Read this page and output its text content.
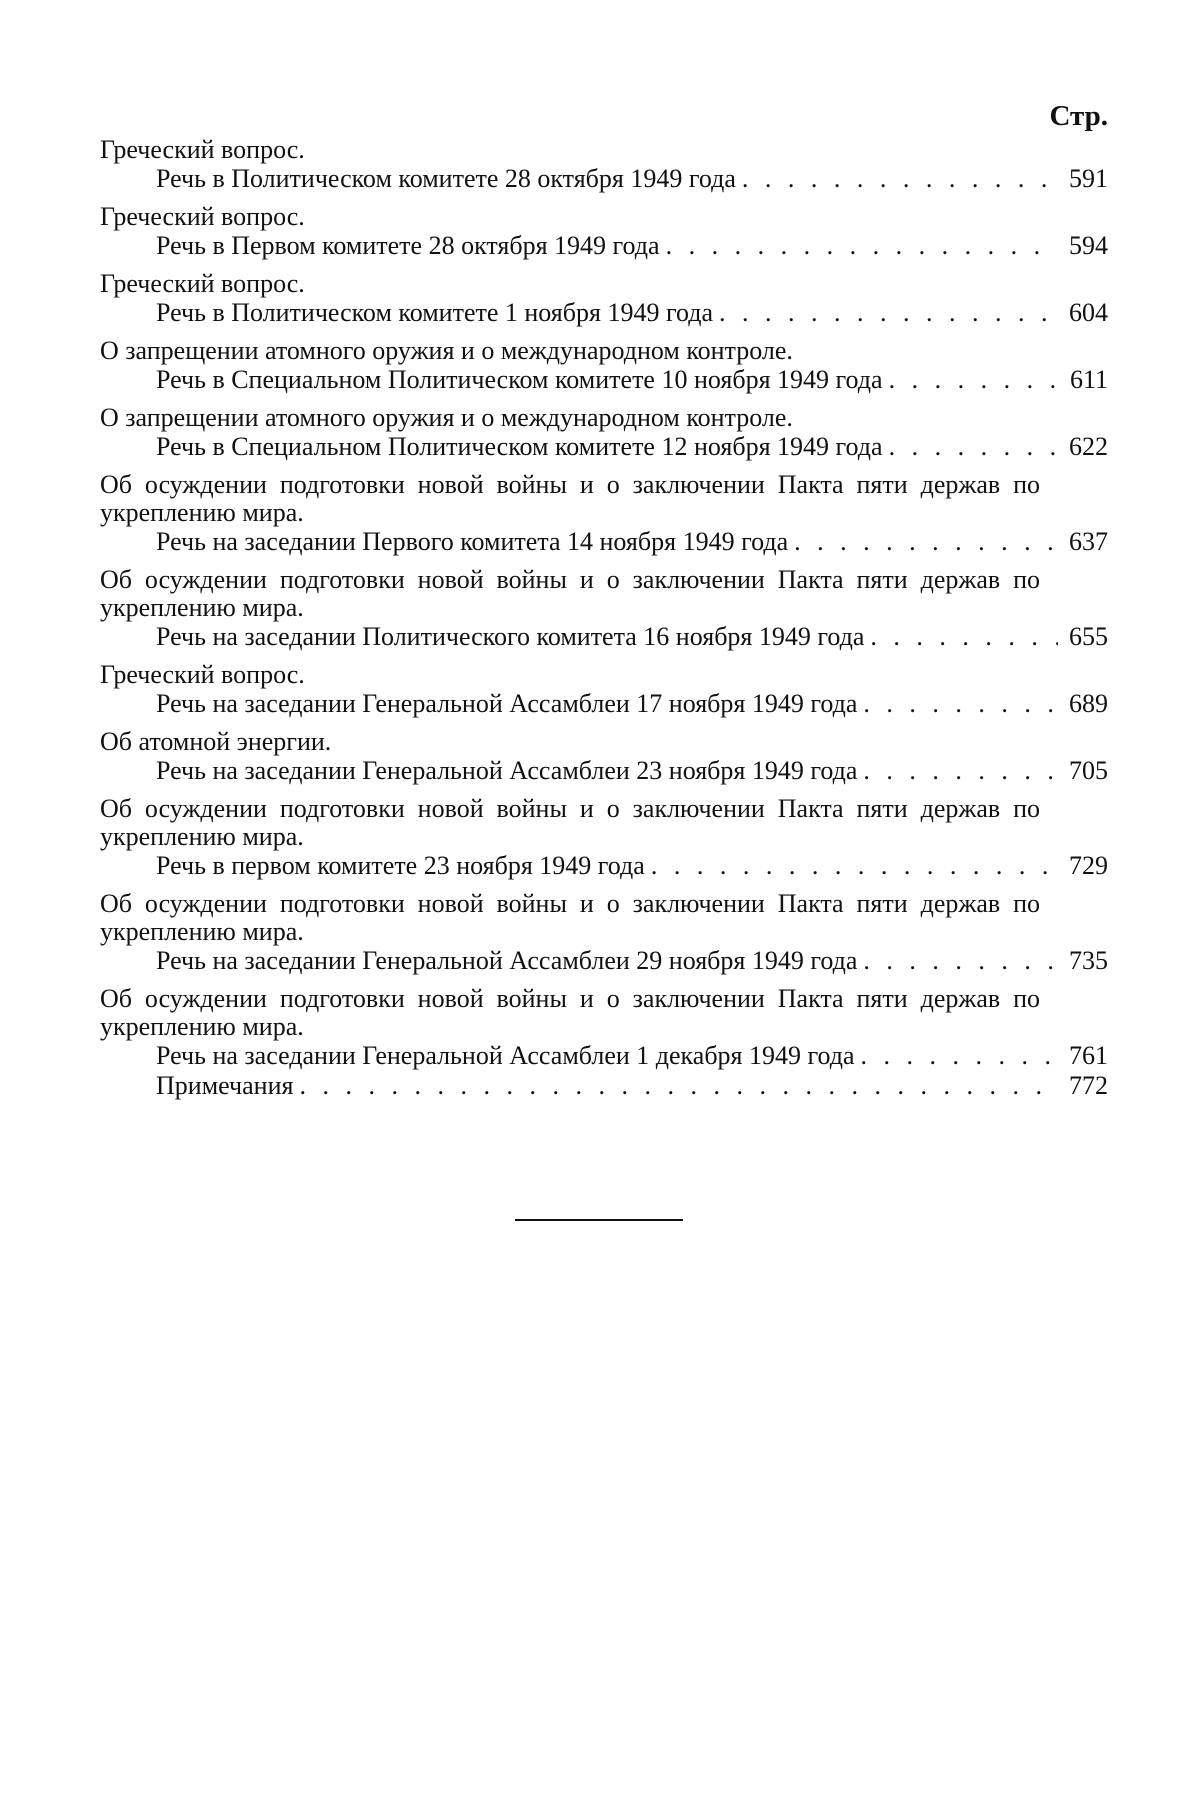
Стр.
Греческий вопрос.
Речь в Политическом комитете 28 октября 1949 года . . .	591
Греческий вопрос.
Речь в Первом комитете 28 октября 1949 года . . .	594
Греческий вопрос.
Речь в Политическом комитете 1 ноября 1949 года . . .	604
О запрещении атомного оружия и о международном контроле.
Речь в Специальном Политическом комитете 10 ноября 1949 года . . .	611
О запрещении атомного оружия и о международном контроле.
Речь в Специальном Политическом комитете 12 ноября 1949 года . . .	622
Об осуждении подготовки новой войны и о заключении Пакта пяти держав по укреплению мира.
Речь на заседании Первого комитета 14 ноября 1949 года . . .	637
Об осуждении подготовки новой войны и о заключении Пакта пяти держав по укреплению мира.
Речь на заседании Политического комитета 16 ноября 1949 года . . .	655
Греческий вопрос.
Речь на заседании Генеральной Ассамблеи 17 ноября 1949 года . . .	689
Об атомной энергии.
Речь на заседании Генеральной Ассамблеи 23 ноября 1949 года . . .	705
Об осуждении подготовки новой войны и о заключении Пакта пяти держав по укреплению мира.
Речь в первом комитете 23 ноября 1949 года . . .	729
Об осуждении подготовки новой войны и о заключении Пакта пяти держав по укреплению мира.
Речь на заседании Генеральной Ассамблеи 29 ноября 1949 года . . .	735
Об осуждении подготовки новой войны и о заключении Пакта пяти держав по укреплению мира.
Речь на заседании Генеральной Ассамблеи 1 декабря 1949 года . . .	761
Примечания . . .	772
